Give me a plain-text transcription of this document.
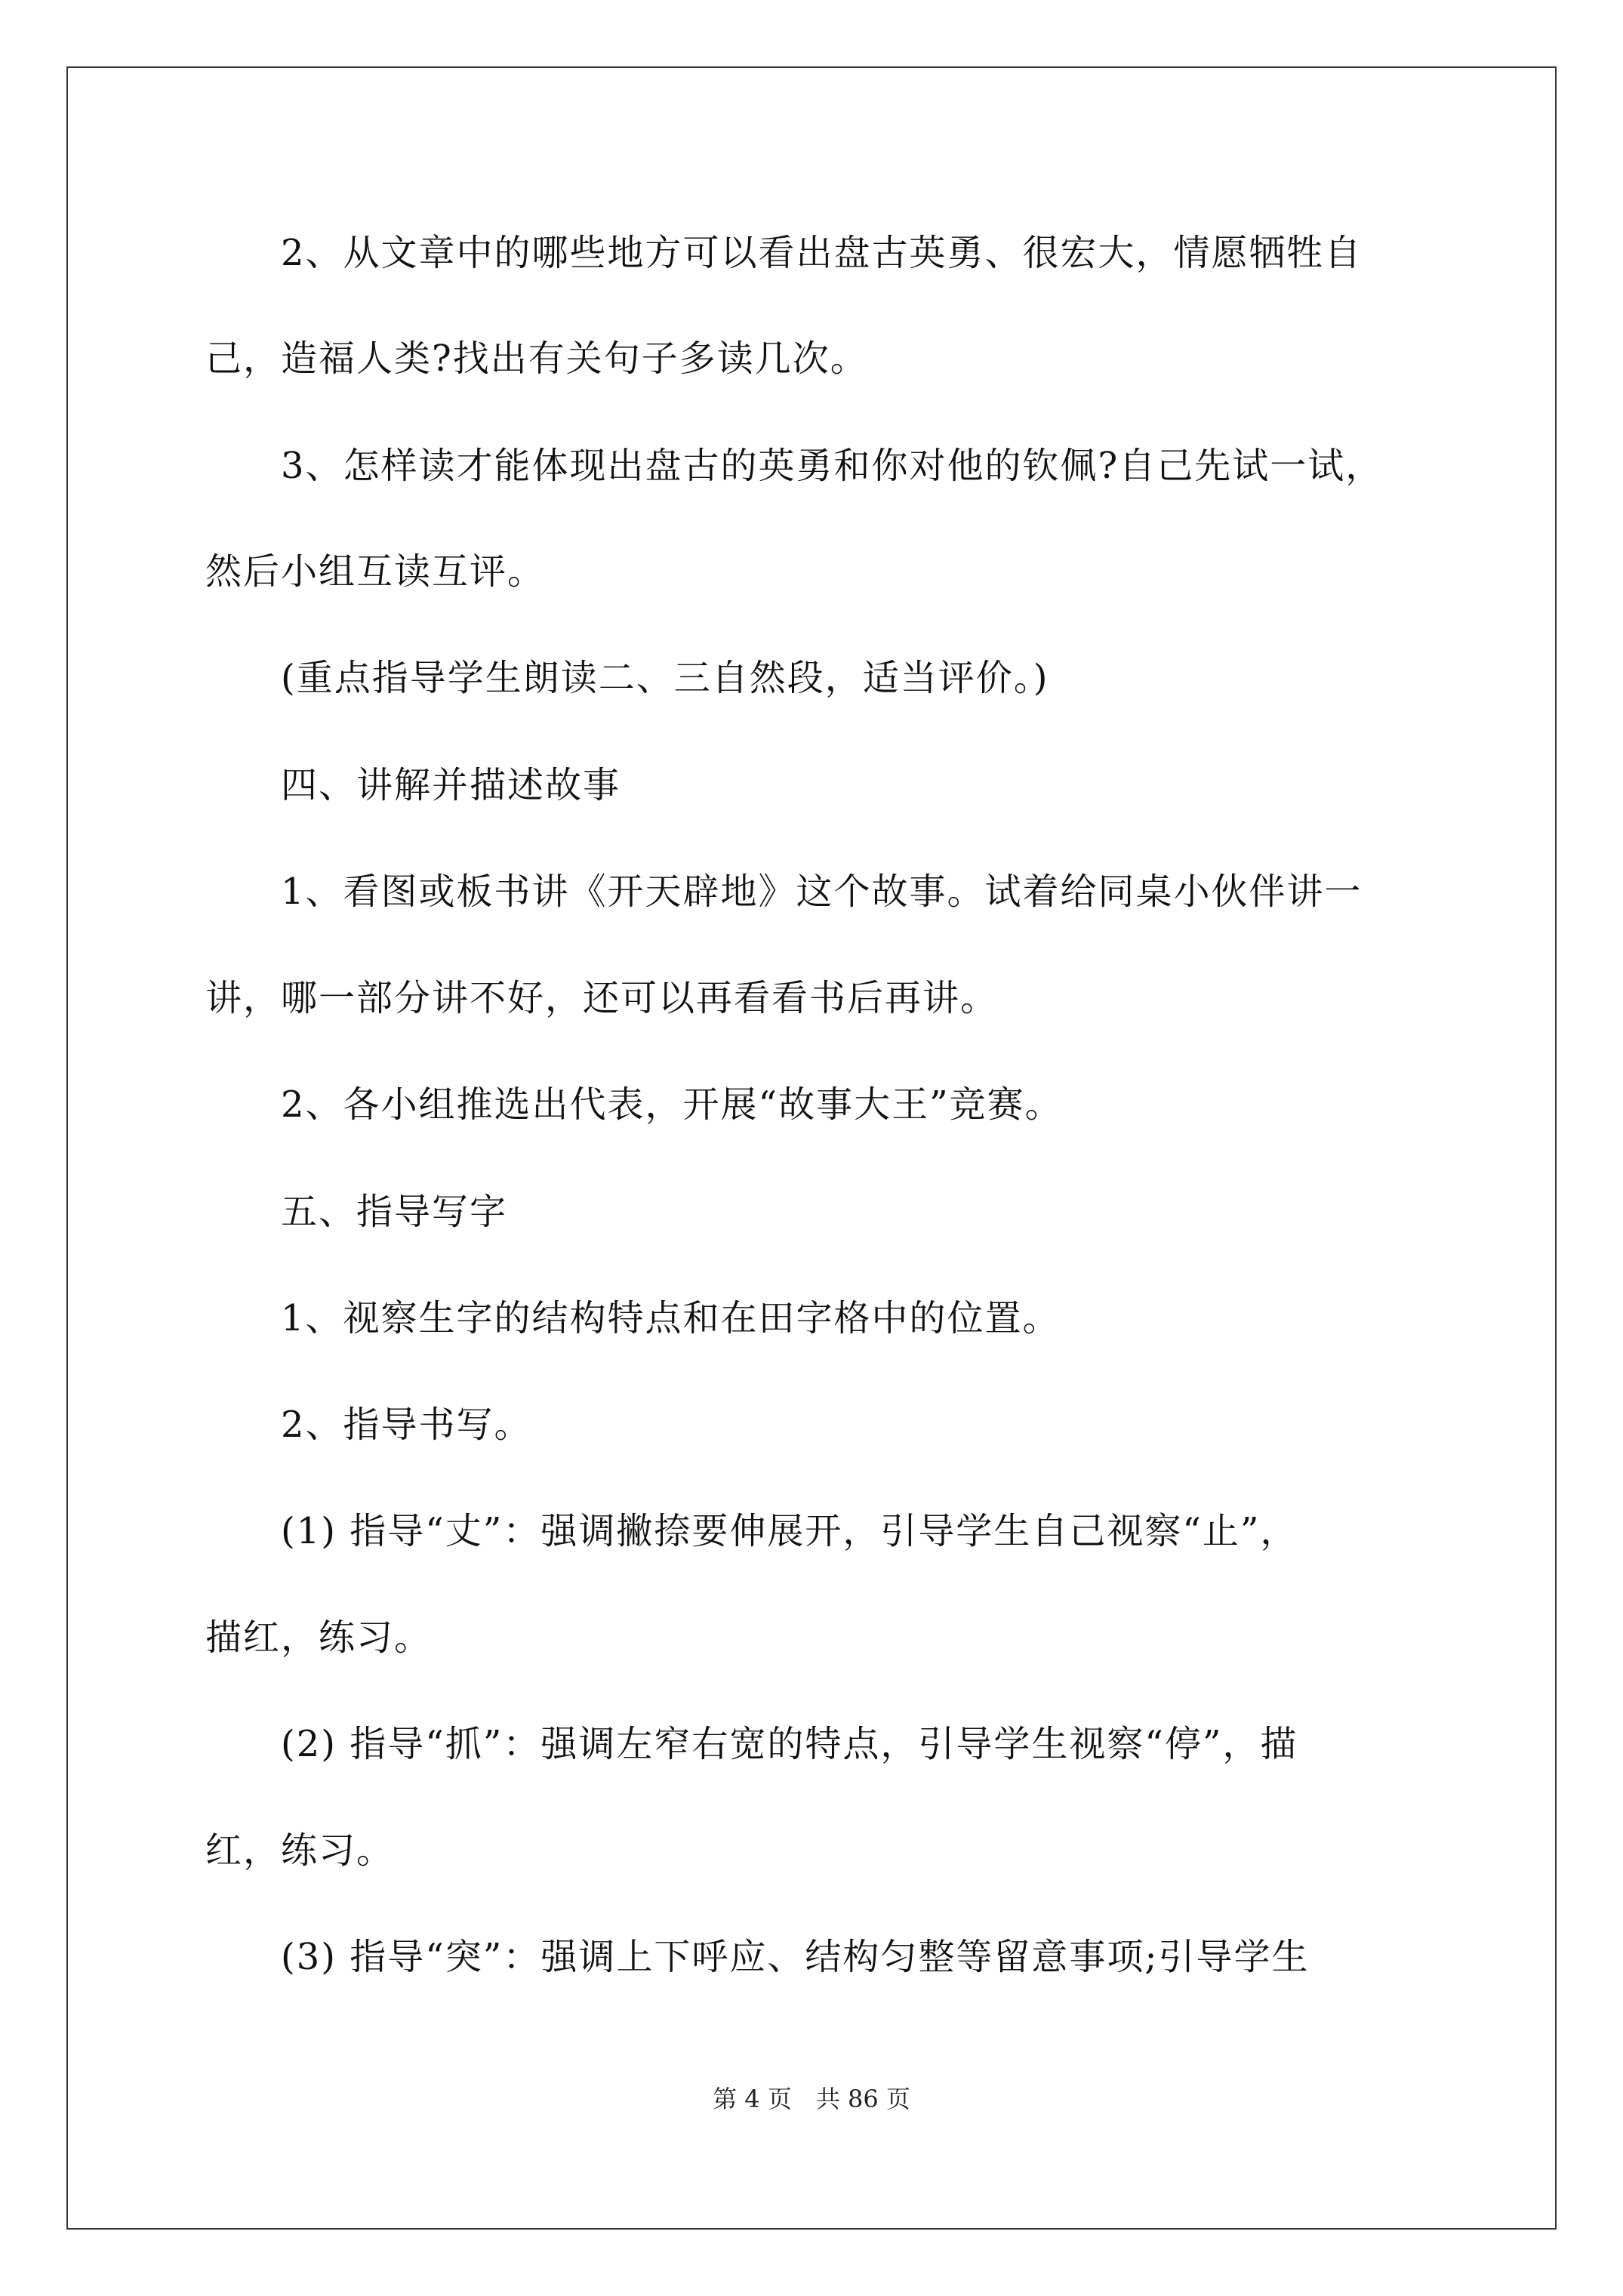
2、从文章中的哪些地方可以看出盘古英勇、很宏大，情愿牺牲自
己，造福人类?找出有关句子多读几次。
3、怎样读才能体现出盘古的英勇和你对他的钦佩?自己先试一试，
然后小组互读互评。
(重点指导学生朗读二、三自然段，适当评价。)
四、讲解并描述故事
1、看图或板书讲《开天辟地》这个故事。试着给同桌小伙伴讲一
讲，哪一部分讲不好，还可以再看看书后再讲。
2、各小组推选出代表，开展“故事大王”竞赛。
五、指导写字
1、视察生字的结构特点和在田字格中的位置。
2、指导书写。
(1) 指导“丈”：强调撇捺要伸展开，引导学生自己视察“止”，
描红，练习。
(2) 指导“抓”：强调左窄右宽的特点，引导学生视察“停”，描
红，练习。
(3) 指导“突”：强调上下呼应、结构匀整等留意事项;引导学生
第 4 页　共 86 页
